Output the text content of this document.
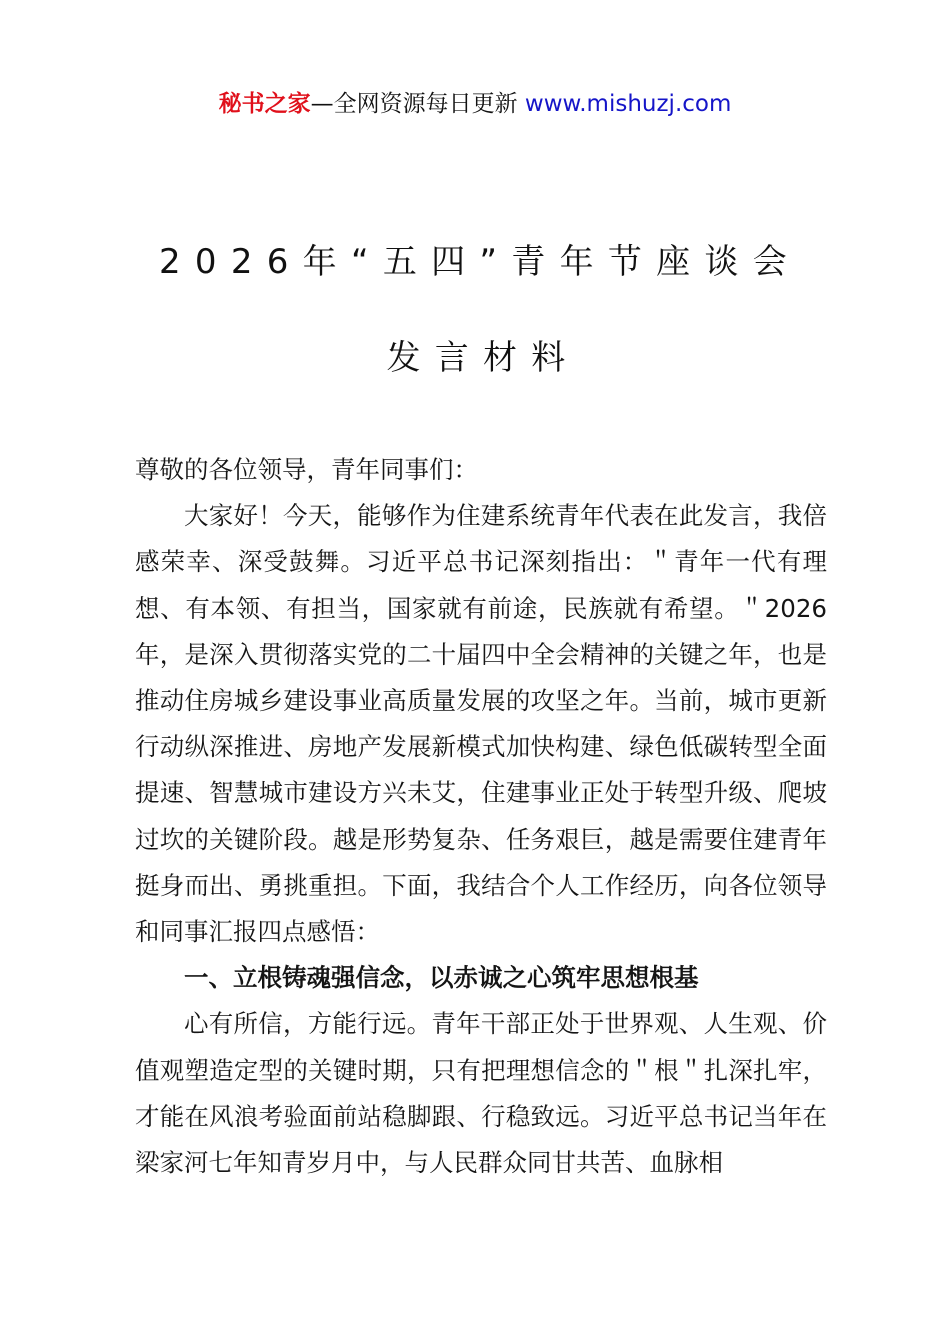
秘书之家—全网资源每日更新 www.mishuzj.com
2026年“五四”青年节座谈会
发言材料

尊敬的各位领导，青年同事们：

大家好！今天，能够作为住建系统青年代表在此发言，我倍感荣幸、深受鼓舞。习近平总书记深刻指出：＂青年一代有理想、有本领、有担当，国家就有前途，民族就有希望。＂2026年，是深入贯彻落实党的二十届四中全会精神的关键之年，也是推动住房城乡建设事业高质量发展的攻坚之年。当前，城市更新行动纵深推进、房地产发展新模式加快构建、绿色低碳转型全面提速、智慧城市建设方兴未艾，住建事业正处于转型升级、爬坡过坎的关键阶段。越是形势复杂、任务艰巨，越是需要住建青年挺身而出、勇挑重担。下面，我结合个人工作经历，向各位领导和同事汇报四点感悟：

一、立根铸魂强信念，以赤诚之心筑牢思想根基

心有所信，方能行远。青年干部正处于世界观、人生观、价值观塑造定型的关键时期，只有把理想信念的＂根＂扎深扎牢，才能在风浪考验面前站稳脚跟、行稳致远。习近平总书记当年在梁家河七年知青岁月中，与人民群众同甘共苦、血脉相
